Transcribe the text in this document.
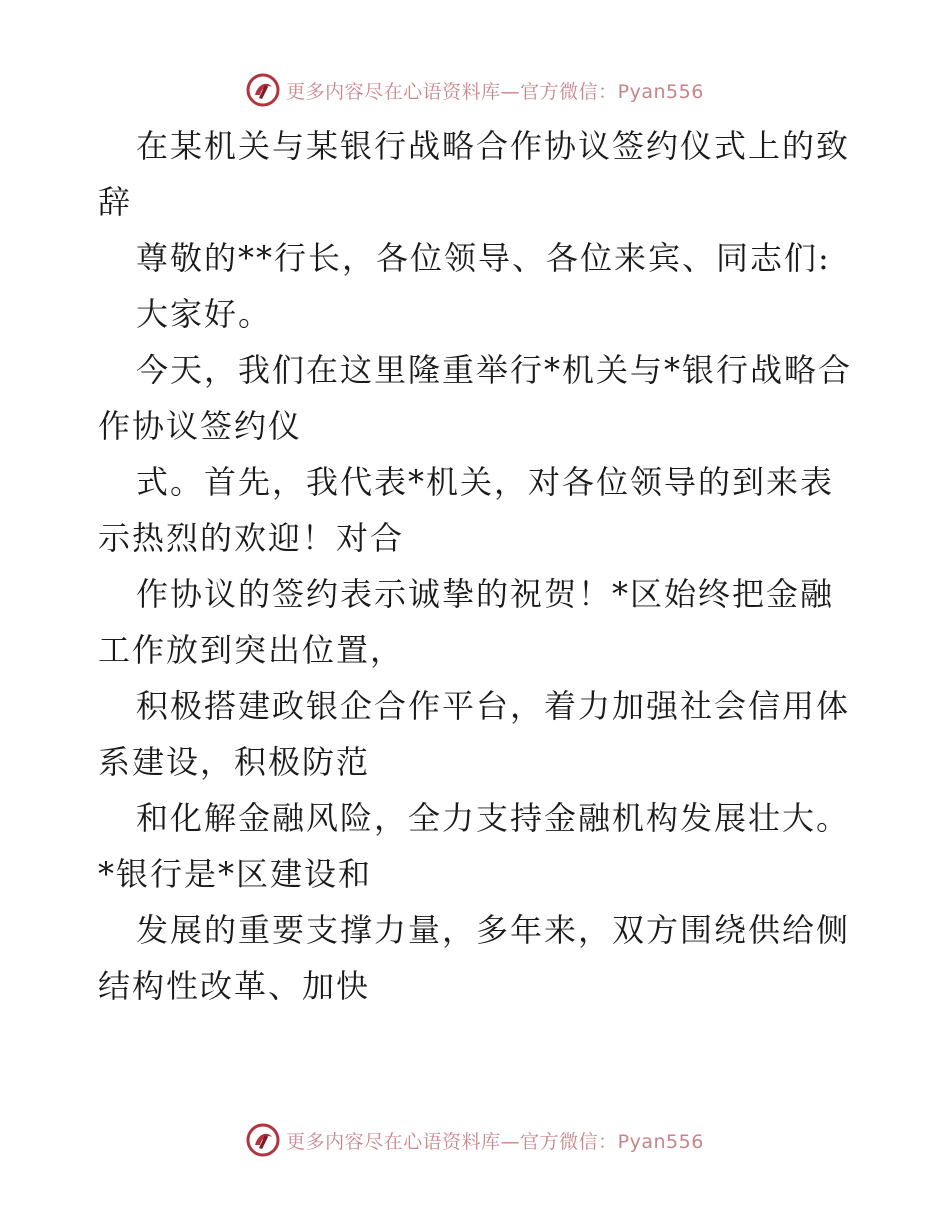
更多内容尽在心语资料库—官方微信：Pyan556
在某机关与某银行战略合作协议签约仪式上的致
辞
尊敬的**行长，各位领导、各位来宾、同志们:
大家好。
今天，我们在这里隆重举行*机关与*银行战略合
作协议签约仪
式。首先，我代表*机关，对各位领导的到来表
示热烈的欢迎！对合
作协议的签约表示诚挚的祝贺！*区始终把金融
工作放到突出位置，
积极搭建政银企合作平台，着力加强社会信用体
系建设，积极防范
和化解金融风险，全力支持金融机构发展壮大。
*银行是*区建设和
发展的重要支撑力量，多年来，双方围绕供给侧
结构性改革、加快
更多内容尽在心语资料库—官方微信：Pyan556
